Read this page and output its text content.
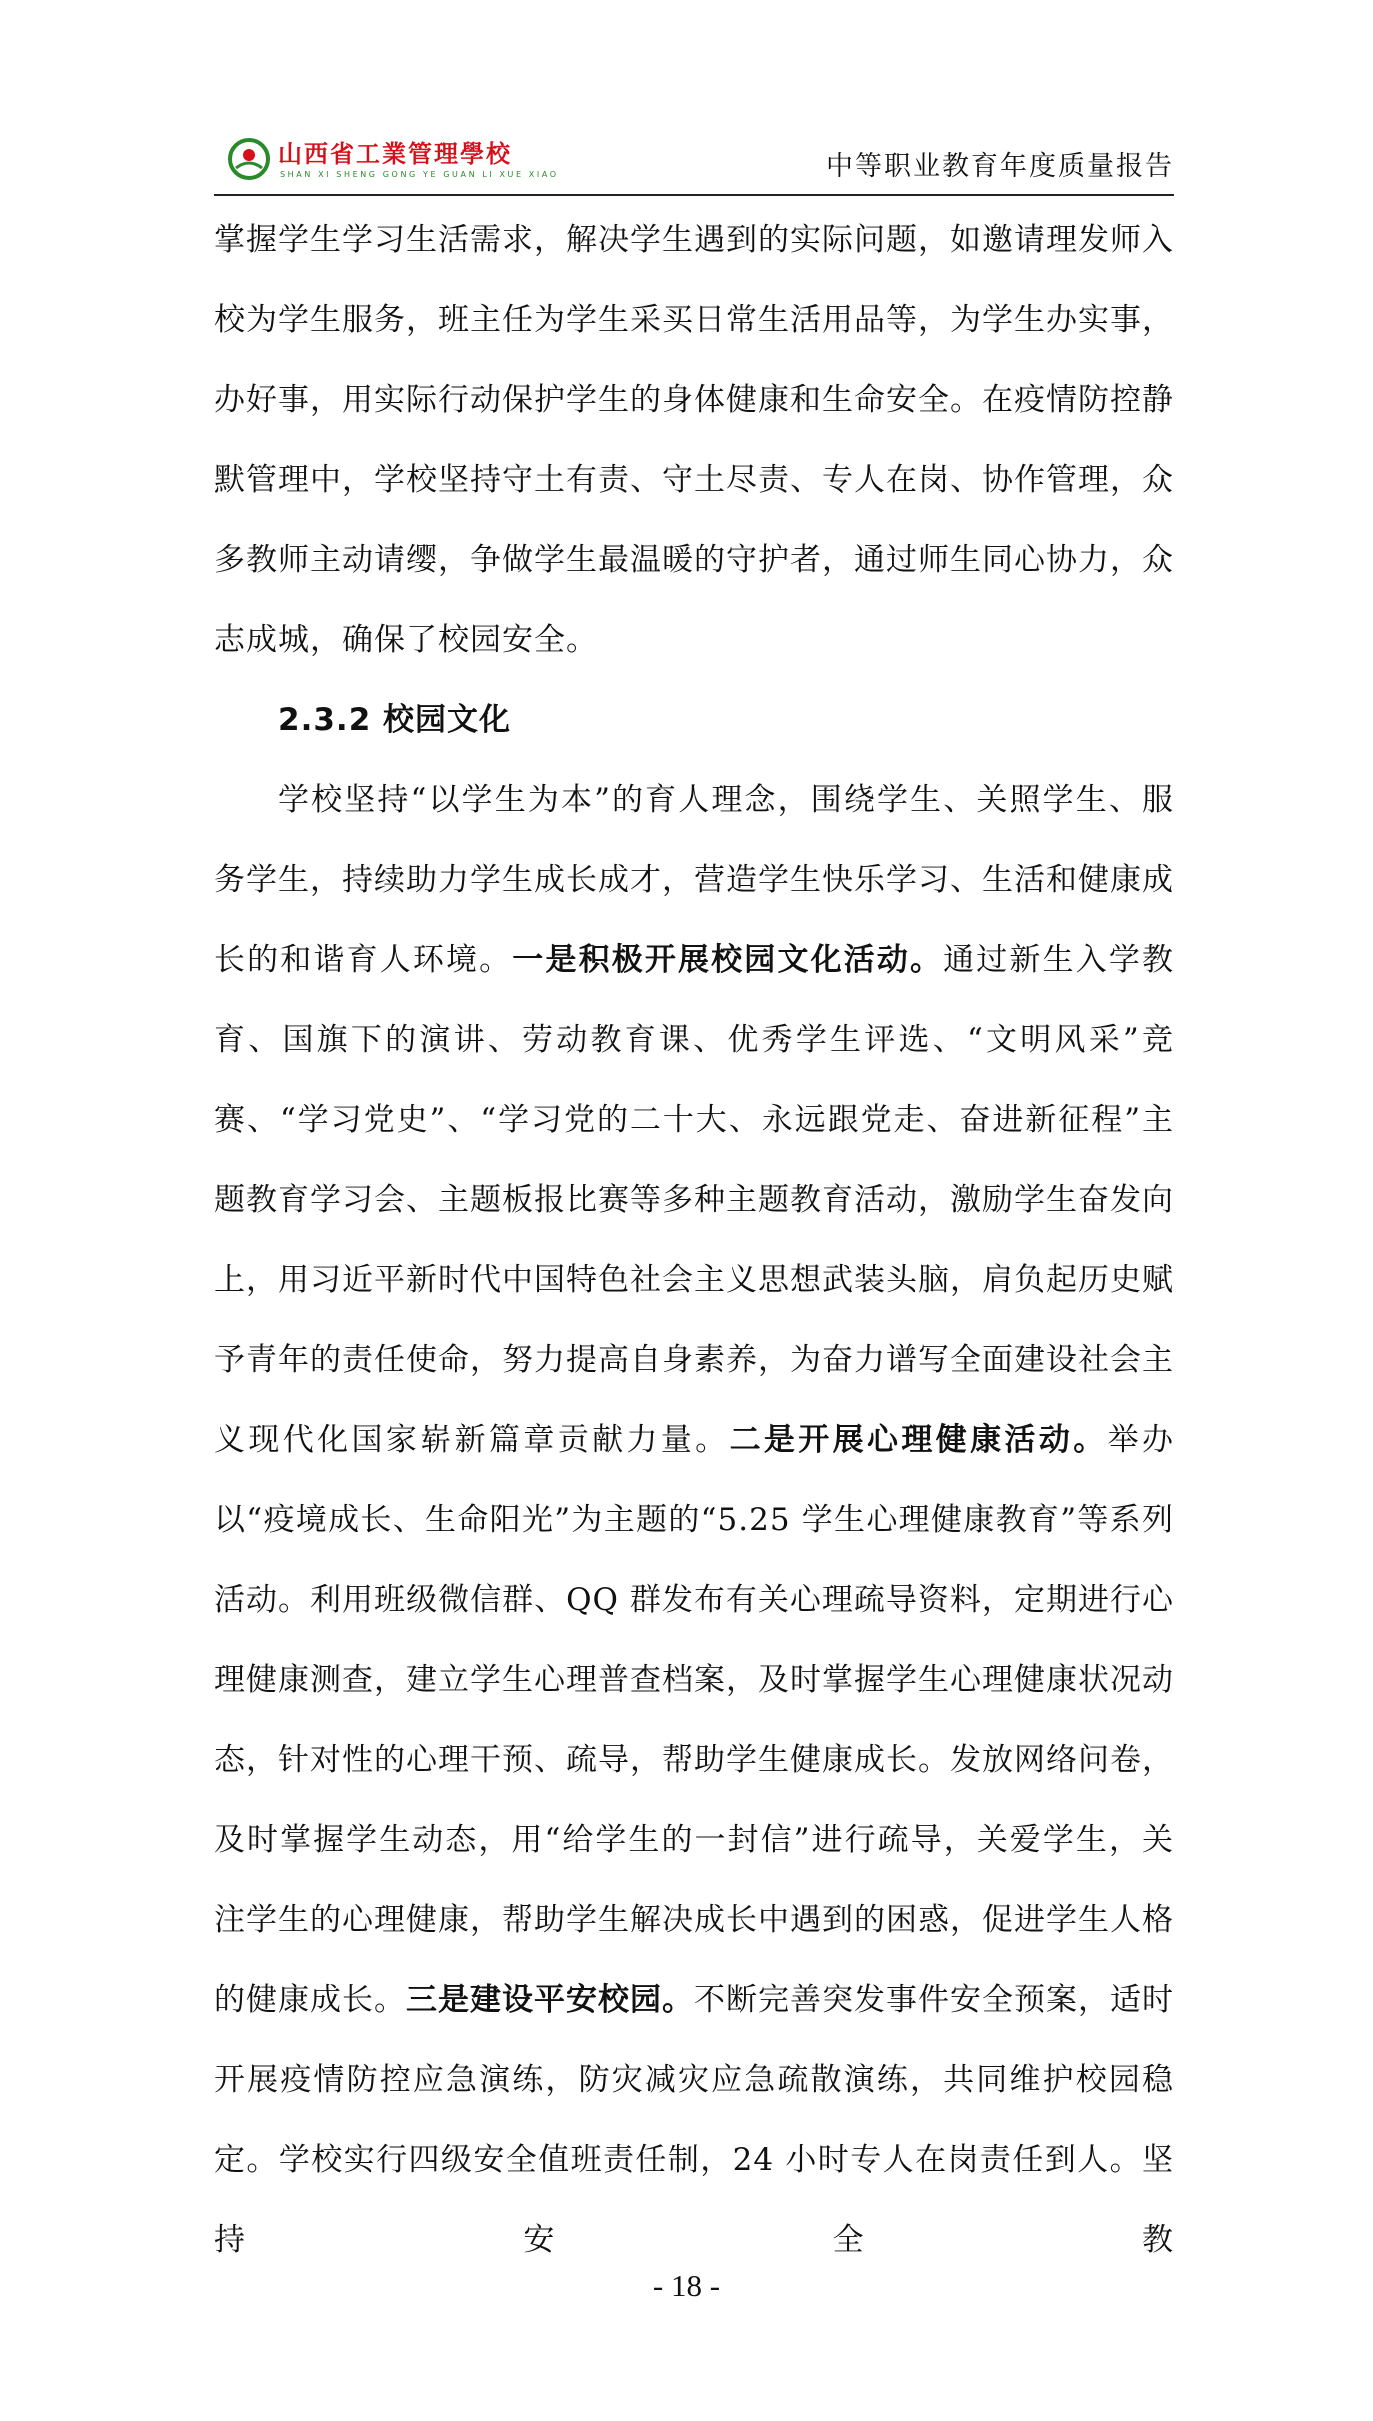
山西省工業管理學校
SHAN XI SHENG GONG YE GUAN LI XUE XIAO	中等职业教育年度质量报告

掌握学生学习生活需求，解决学生遇到的实际问题，如邀请理发师入校为学生服务，班主任为学生采买日常生活用品等，为学生办实事，办好事，用实际行动保护学生的身体健康和生命安全。在疫情防控静默管理中，学校坚持守土有责、守土尽责、专人在岗、协作管理，众多教师主动请缨，争做学生最温暖的守护者，通过师生同心协力，众志成城，确保了校园安全。

2.3.2 校园文化

学校坚持“以学生为本”的育人理念，围绕学生、关照学生、服务学生，持续助力学生成长成才，营造学生快乐学习、生活和健康成长的和谐育人环境。一是积极开展校园文化活动。通过新生入学教育、国旗下的演讲、劳动教育课、优秀学生评选、“文明风采”竞赛、“学习党史”、“学习党的二十大、永远跟党走、奋进新征程”主题教育学习会、主题板报比赛等多种主题教育活动，激励学生奋发向上，用习近平新时代中国特色社会主义思想武装头脑，肩负起历史赋予青年的责任使命，努力提高自身素养，为奋力谱写全面建设社会主义现代化国家崭新篇章贡献力量。二是开展心理健康活动。举办以“疫境成长、生命阳光”为主题的“5.25 学生心理健康教育”等系列活动。利用班级微信群、QQ 群发布有关心理疏导资料，定期进行心理健康测查，建立学生心理普查档案，及时掌握学生心理健康状况动态，针对性的心理干预、疏导，帮助学生健康成长。发放网络问卷，及时掌握学生动态，用“给学生的一封信”进行疏导，关爱学生，关注学生的心理健康，帮助学生解决成长中遇到的困惑，促进学生人格的健康成长。三是建设平安校园。不断完善突发事件安全预案，适时开展疫情防控应急演练，防灾减灾应急疏散演练，共同维护校园稳定。学校实行四级安全值班责任制，24 小时专人在岗责任到人。坚持安全教

- 18 -
